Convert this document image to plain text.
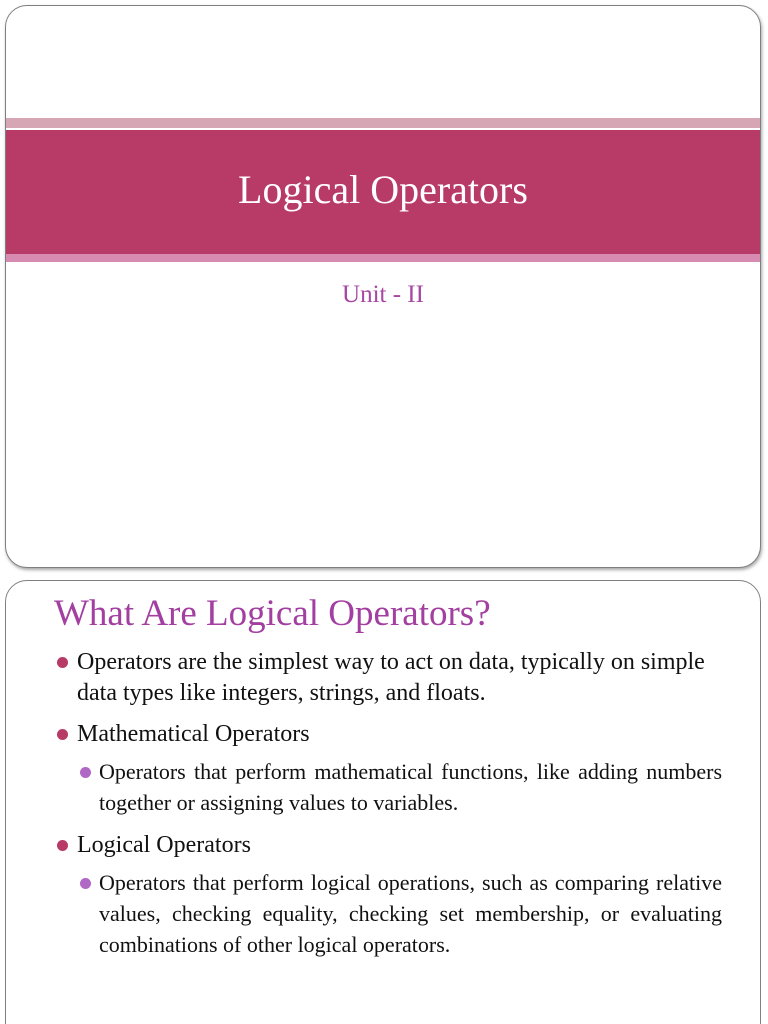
Logical Operators
Unit - II
What Are Logical Operators?
Operators are the simplest way to act on data, typically on simple data types like integers, strings, and floats.
Mathematical Operators
Operators that perform mathematical functions, like adding numbers together or assigning values to variables.
Logical Operators
Operators that perform logical operations, such as comparing relative values, checking equality, checking set membership, or evaluating combinations of other logical operators.
